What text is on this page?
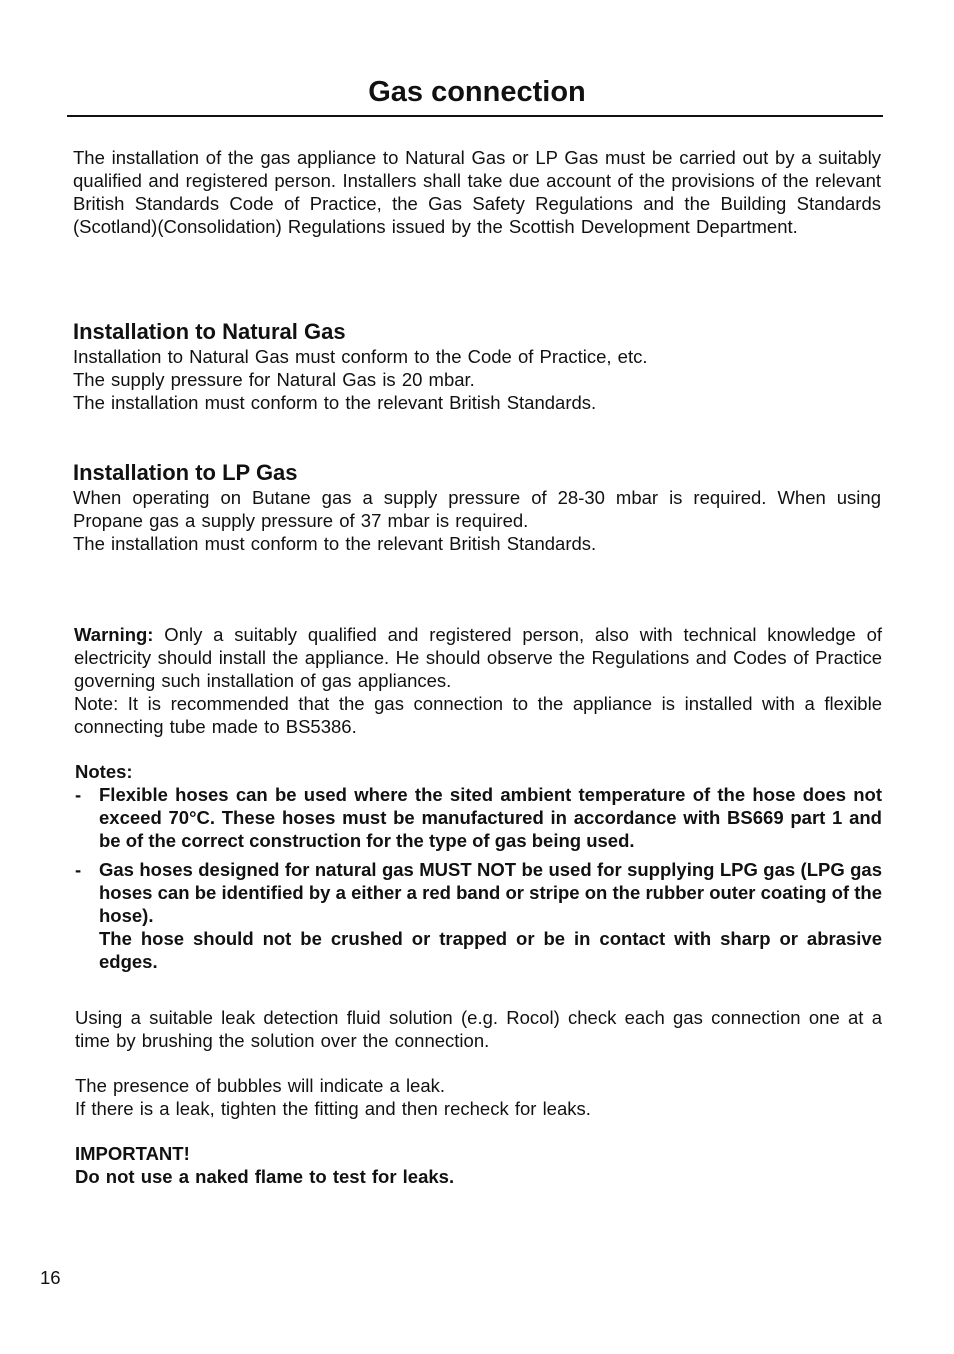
Gas connection

The installation of the gas appliance to Natural Gas or LP Gas must be carried out by a suitably qualified and registered person. Installers shall take due account of the provisions of the relevant British Standards Code of Practice, the Gas Safety Regulations and the Building Standards (Scotland)(Consolidation) Regulations issued by the Scottish Development Department.

Installation to Natural Gas

Installation to Natural Gas must conform to the Code of Practice, etc.

The supply pressure for Natural Gas is 20 mbar.

The installation must conform to the relevant British Standards.

Installation to LP Gas

When operating on Butane gas a supply pressure of 28-30 mbar is required. When using Propane gas a supply pressure of 37 mbar is required.

The installation must conform to the relevant British Standards.

Warning: Only a suitably qualified and registered person, also with technical knowledge of electricity should install the appliance. He should observe the Regulations and Codes of Practice governing such installation of gas appliances.

Note: It is recommended that the gas connection to the appliance is installed with a flexible connecting tube made to BS5386.

Notes:

- Flexible hoses can be used where the sited ambient temperature of the hose does not exceed 70°C. These hoses must be manufactured in accordance with BS669 part 1 and be of the correct construction for the type of gas being used.
- Gas hoses designed for natural gas MUST NOT be used for supplying LPG gas (LPG gas hoses can be identified by a either a red band or stripe on the rubber outer coating of the hose).
The hose should not be crushed or trapped or be in contact with sharp or abrasive edges.

Using a suitable leak detection fluid solution (e.g. Rocol) check each gas connection one at a time by brushing the solution over the connection.

The presence of bubbles will indicate a leak.

If there is a leak, tighten the fitting and then recheck for leaks.

IMPORTANT!

Do not use a naked flame to test for leaks.

16
